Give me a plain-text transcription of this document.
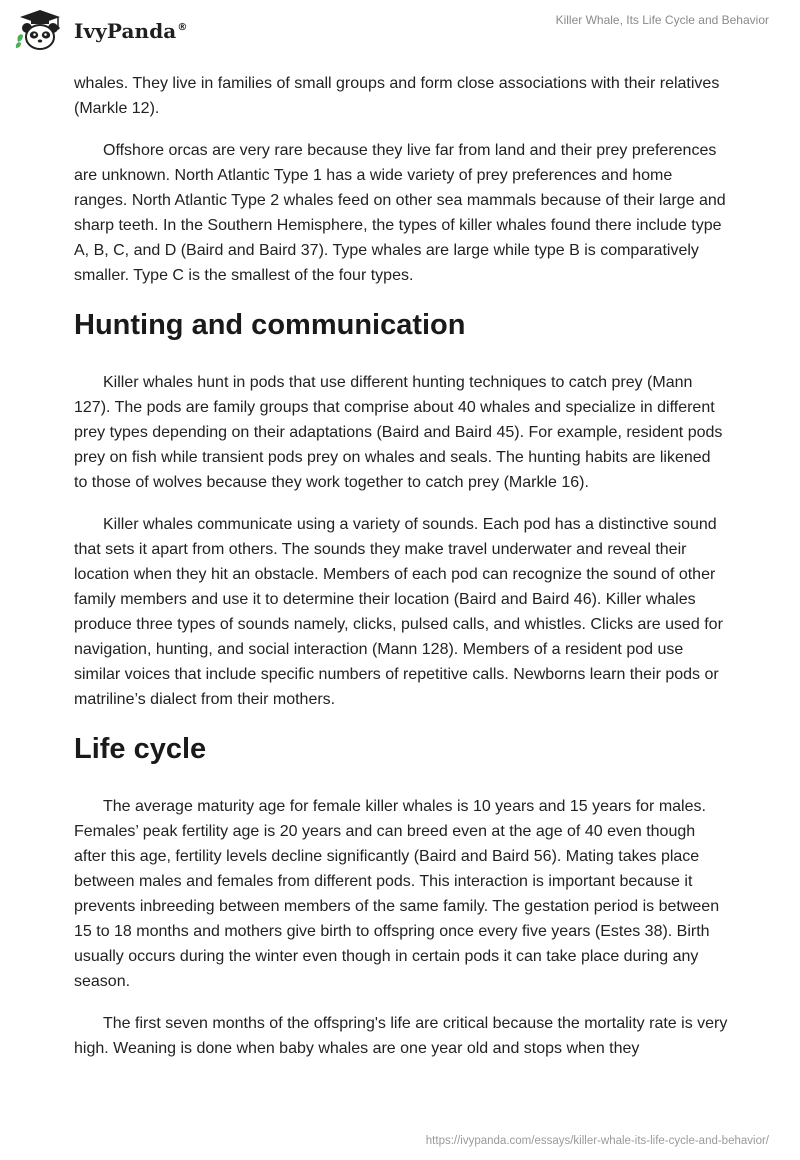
IvyPanda®
Killer Whale, Its Life Cycle and Behavior

whales. They live in families of small groups and form close associations with their relatives (Markle 12).

Offshore orcas are very rare because they live far from land and their prey preferences are unknown. North Atlantic Type 1 has a wide variety of prey preferences and home ranges. North Atlantic Type 2 whales feed on other sea mammals because of their large and sharp teeth. In the Southern Hemisphere, the types of killer whales found there include type A, B, C, and D (Baird and Baird 37). Type whales are large while type B is comparatively smaller. Type C is the smallest of the four types.

Hunting and communication

Killer whales hunt in pods that use different hunting techniques to catch prey (Mann 127). The pods are family groups that comprise about 40 whales and specialize in different prey types depending on their adaptations (Baird and Baird 45). For example, resident pods prey on fish while transient pods prey on whales and seals. The hunting habits are likened to those of wolves because they work together to catch prey (Markle 16).

Killer whales communicate using a variety of sounds. Each pod has a distinctive sound that sets it apart from others. The sounds they make travel underwater and reveal their location when they hit an obstacle. Members of each pod can recognize the sound of other family members and use it to determine their location (Baird and Baird 46). Killer whales produce three types of sounds namely, clicks, pulsed calls, and whistles. Clicks are used for navigation, hunting, and social interaction (Mann 128). Members of a resident pod use similar voices that include specific numbers of repetitive calls. Newborns learn their pods or matriline’s dialect from their mothers.

Life cycle

The average maturity age for female killer whales is 10 years and 15 years for males. Females’ peak fertility age is 20 years and can breed even at the age of 40 even though after this age, fertility levels decline significantly (Baird and Baird 56). Mating takes place between males and females from different pods. This interaction is important because it prevents inbreeding between members of the same family. The gestation period is between 15 to 18 months and mothers give birth to offspring once every five years (Estes 38). Birth usually occurs during the winter even though in certain pods it can take place during any season.

The first seven months of the offspring's life are critical because the mortality rate is very high. Weaning is done when baby whales are one year old and stops when they

https://ivypanda.com/essays/killer-whale-its-life-cycle-and-behavior/
